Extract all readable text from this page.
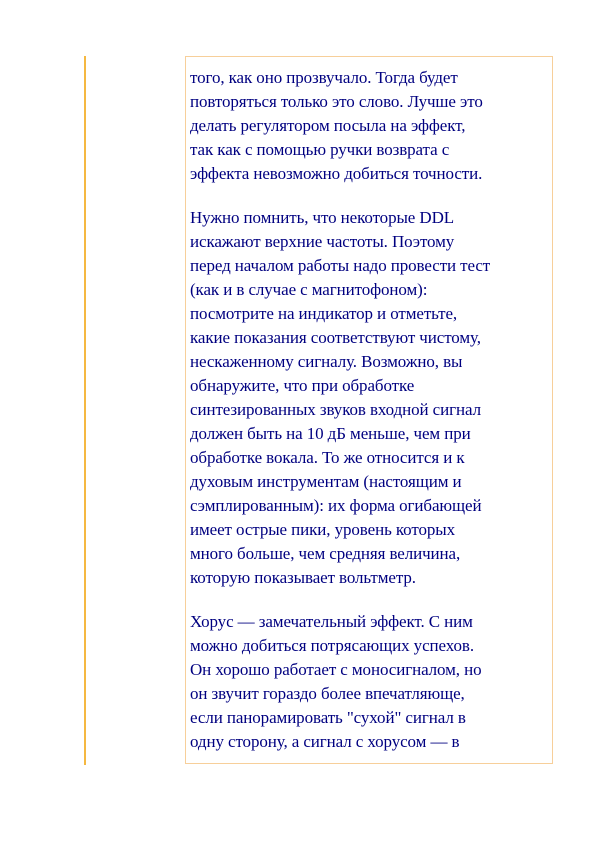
того, как оно прозвучало. Тогда будет
повторяться только это слово. Лучше это
делать регулятором посыла на эффект,
так как с помощью ручки возврата с
эффекта невозможно добиться точности.

Нужно помнить, что некоторые DDL
искажают верхние частоты. Поэтому
перед началом работы надо провести тест
(как и в случае с магнитофоном):
посмотрите на индикатор и отметьте,
какие показания соответствуют чистому,
нескаженному сигналу. Возможно, вы
обнаружите, что при обработке
синтезированных звуков входной сигнал
должен быть на 10 дБ меньше, чем при
обработке вокала. То же относится и к
духовым инструментам (настоящим и
сэмплированным): их форма огибающей
имеет острые пики, уровень которых
много больше, чем средняя величина,
которую показывает вольтметр.

Хорус — замечательный эффект. С ним
можно добиться потрясающих успехов.
Он хорошо работает с моносигналом, но
он звучит гораздо более впечатляюще,
если панорамировать "сухой" сигнал в
одну сторону, а сигнал с хорусом — в
